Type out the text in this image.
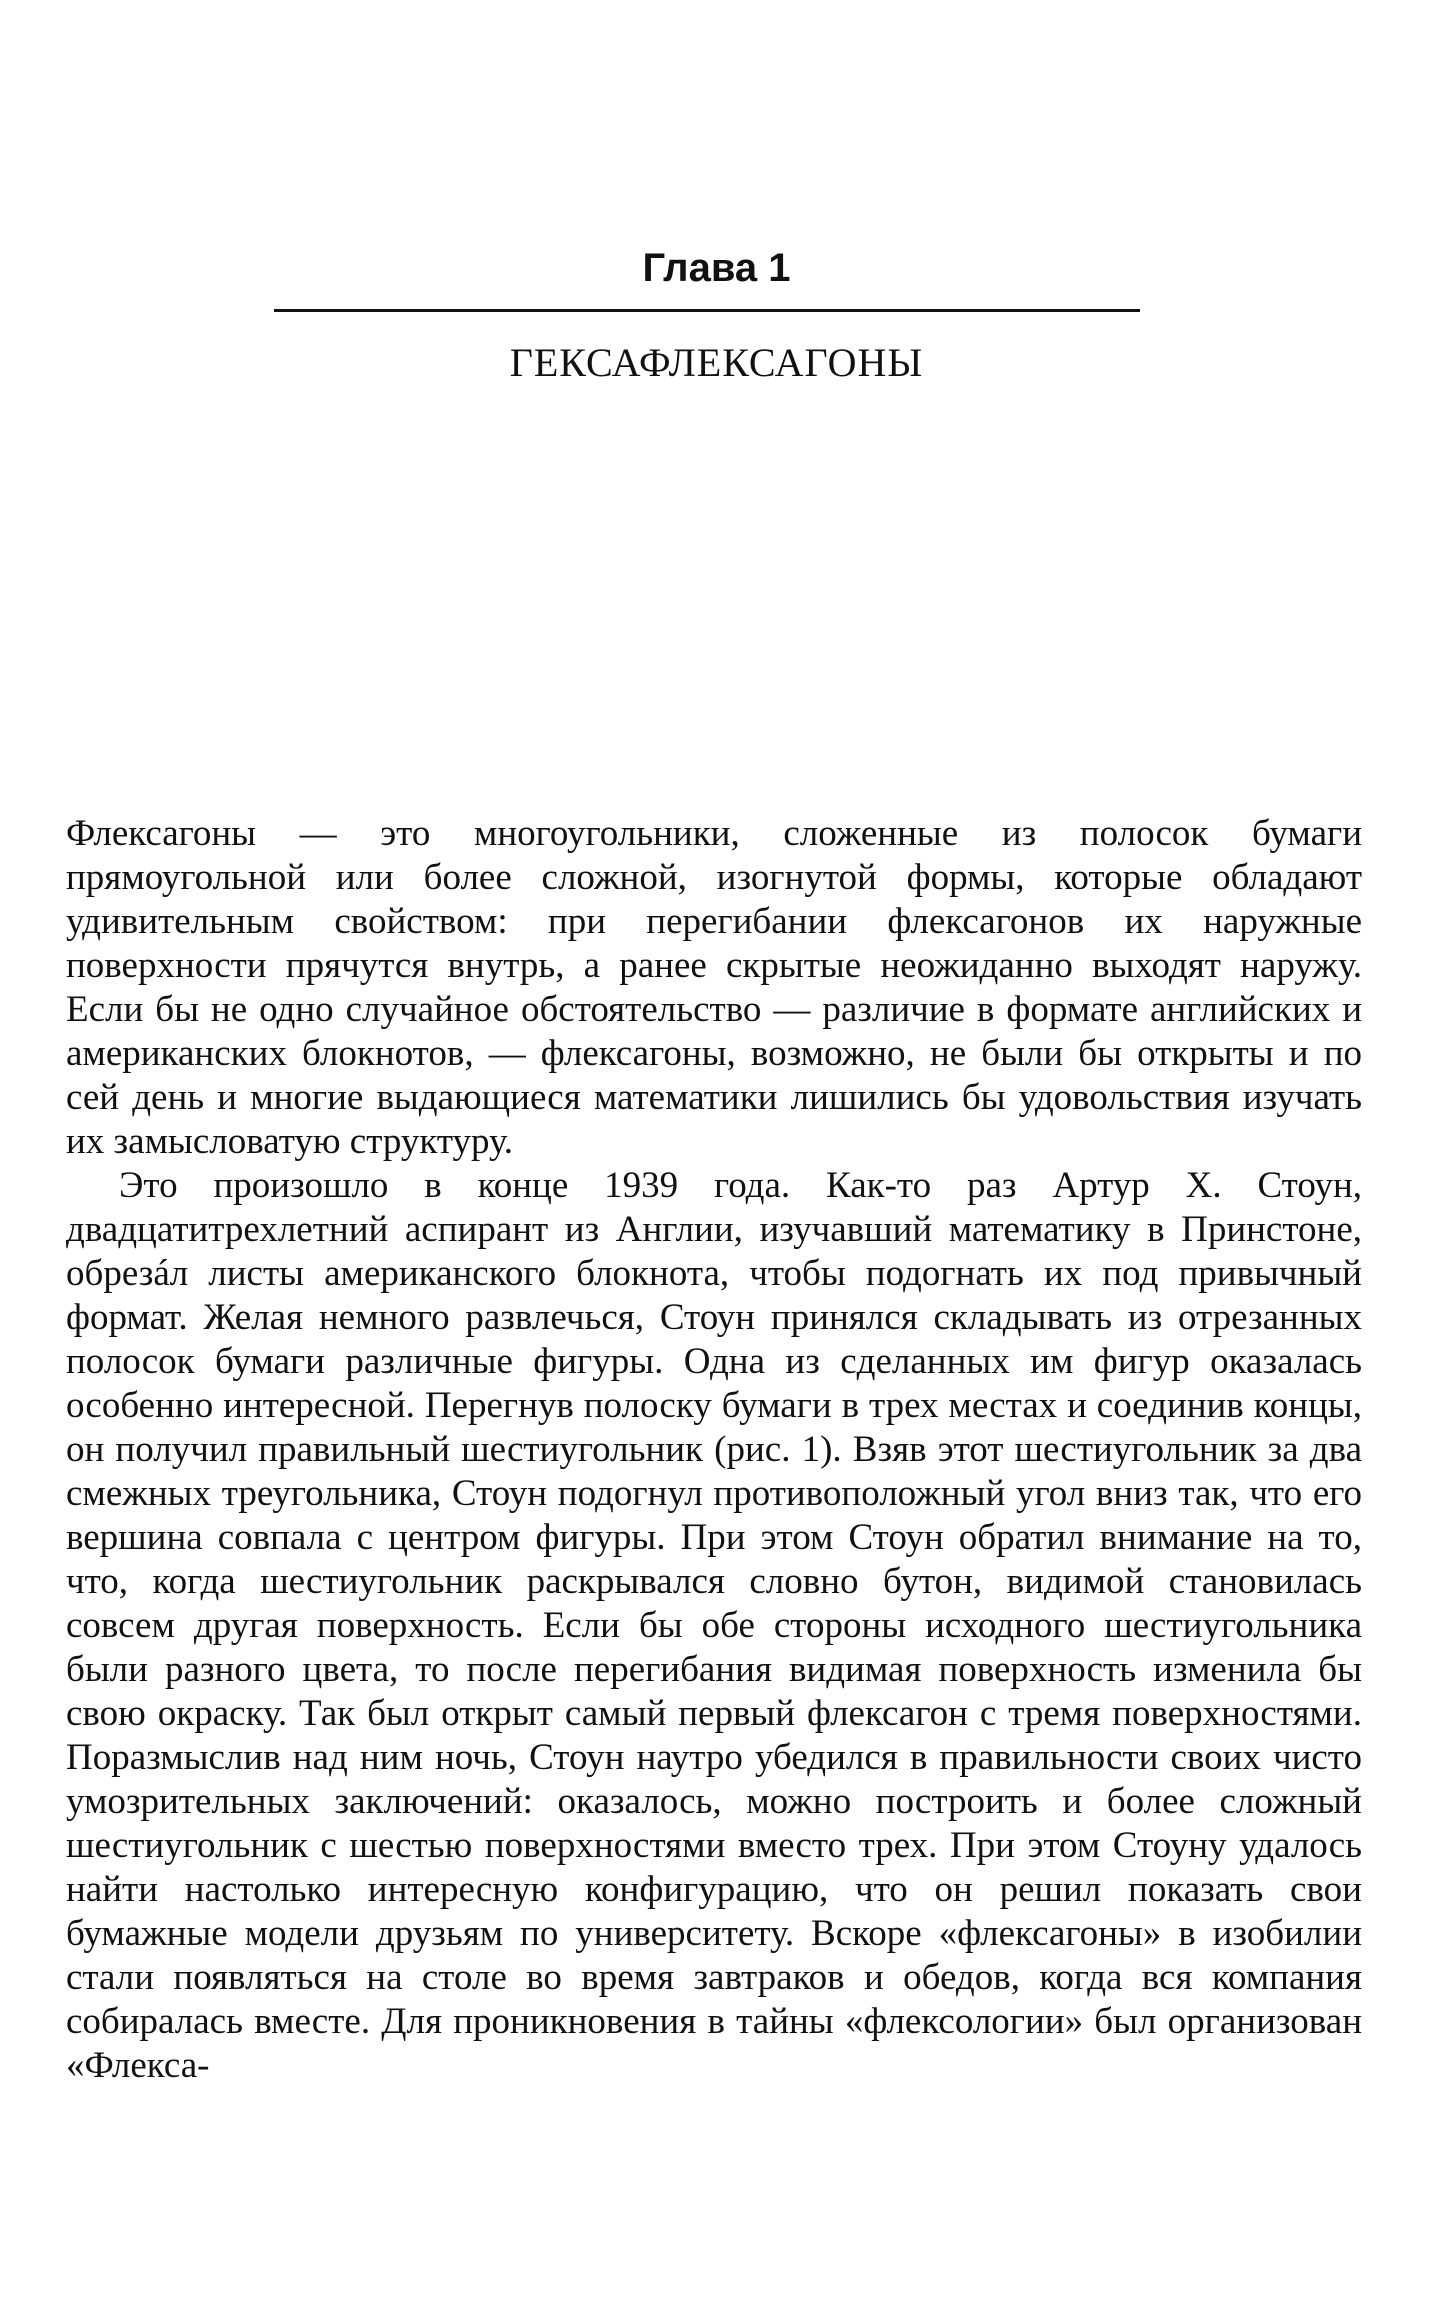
Глава 1
ГЕКСАФЛЕКСАГОНЫ

Флексагоны — это многоугольники, сложенные из полосок бумаги прямоугольной или более сложной, изогнутой формы, которые обладают удивительным свойством: при перегибании флексагонов их наружные поверхности прячутся внутрь, а ранее скрытые неожиданно выходят наружу. Если бы не одно случайное обстоятельство — различие в формате английских и американских блокнотов, — флексагоны, возможно, не были бы открыты и по сей день и многие выдающиеся математики лишились бы удовольствия изучать их замысловатую структуру.

Это произошло в конце 1939 года. Как-то раз Артур Х. Стоун, двадцатитрехлетний аспирант из Англии, изучавший математику в Принстоне, обрезáл листы американского блокнота, чтобы подогнать их под привычный формат. Желая немного развлечься, Стоун принялся складывать из отрезанных полосок бумаги различные фигуры. Одна из сделанных им фигур оказалась особенно интересной. Перегнув полоску бумаги в трех местах и соединив концы, он получил правильный шестиугольник (рис. 1). Взяв этот шестиугольник за два смежных треугольника, Стоун подогнул противоположный угол вниз так, что его вершина совпала с центром фигуры. При этом Стоун обратил внимание на то, что, когда шестиугольник раскрывался словно бутон, видимой становилась совсем другая поверхность. Если бы обе стороны исходного шестиугольника были разного цвета, то после перегибания видимая поверхность изменила бы свою окраску. Так был открыт самый первый флексагон с тремя поверхностями. Поразмыслив над ним ночь, Стоун наутро убедился в правильности своих чисто умозрительных заключений: оказалось, можно построить и более сложный шестиугольник с шестью поверхностями вместо трех. При этом Стоуну удалось найти настолько интересную конфигурацию, что он решил показать свои бумажные модели друзьям по университету. Вскоре «флексагоны» в изобилии стали появляться на столе во время завтраков и обедов, когда вся компания собиралась вместе. Для проникновения в тайны «флексологии» был организован «Флекса-
